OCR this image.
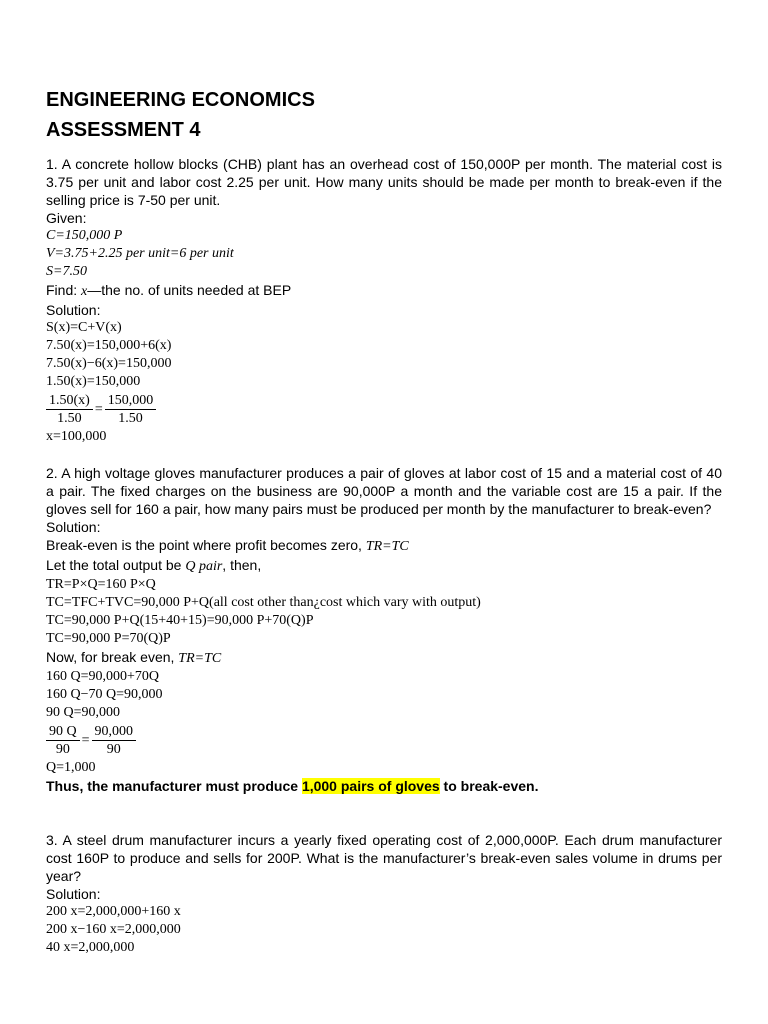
ENGINEERING ECONOMICS
ASSESSMENT 4

1. A concrete hollow blocks (CHB) plant has an overhead cost of 150,000P per month. The material cost is 3.75 per unit and labor cost 2.25 per unit. How many units should be made per month to break-even if the selling price is 7-50 per unit.

Given:

C=150,000 P

V=3.75+2.25 per unit=6 per unit

S=7.50

Find: x—the no. of units needed at BEP

Solution:

S(x)=C+V(x)

7.50(x)=150,000+6(x)

7.50(x)−6(x)=150,000

1.50(x)=150,000

$\frac{1.50(x)}{1.50} = \frac{150,000}{1.50}$

x=100,000

2. A high voltage gloves manufacturer produces a pair of gloves at labor cost of 15 and a material cost of 40 a pair. The fixed charges on the business are 90,000P a month and the variable cost are 15 a pair. If the gloves sell for 160 a pair, how many pairs must be produced per month by the manufacturer to break-even?

Solution:

Break-even is the point where profit becomes zero, TR=TC

Let the total output be Q pair, then,

TR=P×Q=160 P×Q

TC=TFC+TVC=90,000 P+Q(all cost other than¿cost which vary with output)

TC=90,000 P+Q(15+40+15)=90,000 P+70(Q)P

TC=90,000 P=70(Q)P

Now, for break even, TR=TC

160 Q=90,000+70Q

160 Q−70 Q=90,000

90 Q=90,000

$\frac{90 Q}{90} = \frac{90,000}{90}$

Q=1,000

Thus, the manufacturer must produce 1,000 pairs of gloves to break-even.

3. A steel drum manufacturer incurs a yearly fixed operating cost of 2,000,000P. Each drum manufacturer cost 160P to produce and sells for 200P. What is the manufacturer’s break-even sales volume in drums per year?

Solution:

200 x=2,000,000+160 x

200 x−160 x=2,000,000

40 x=2,000,000
